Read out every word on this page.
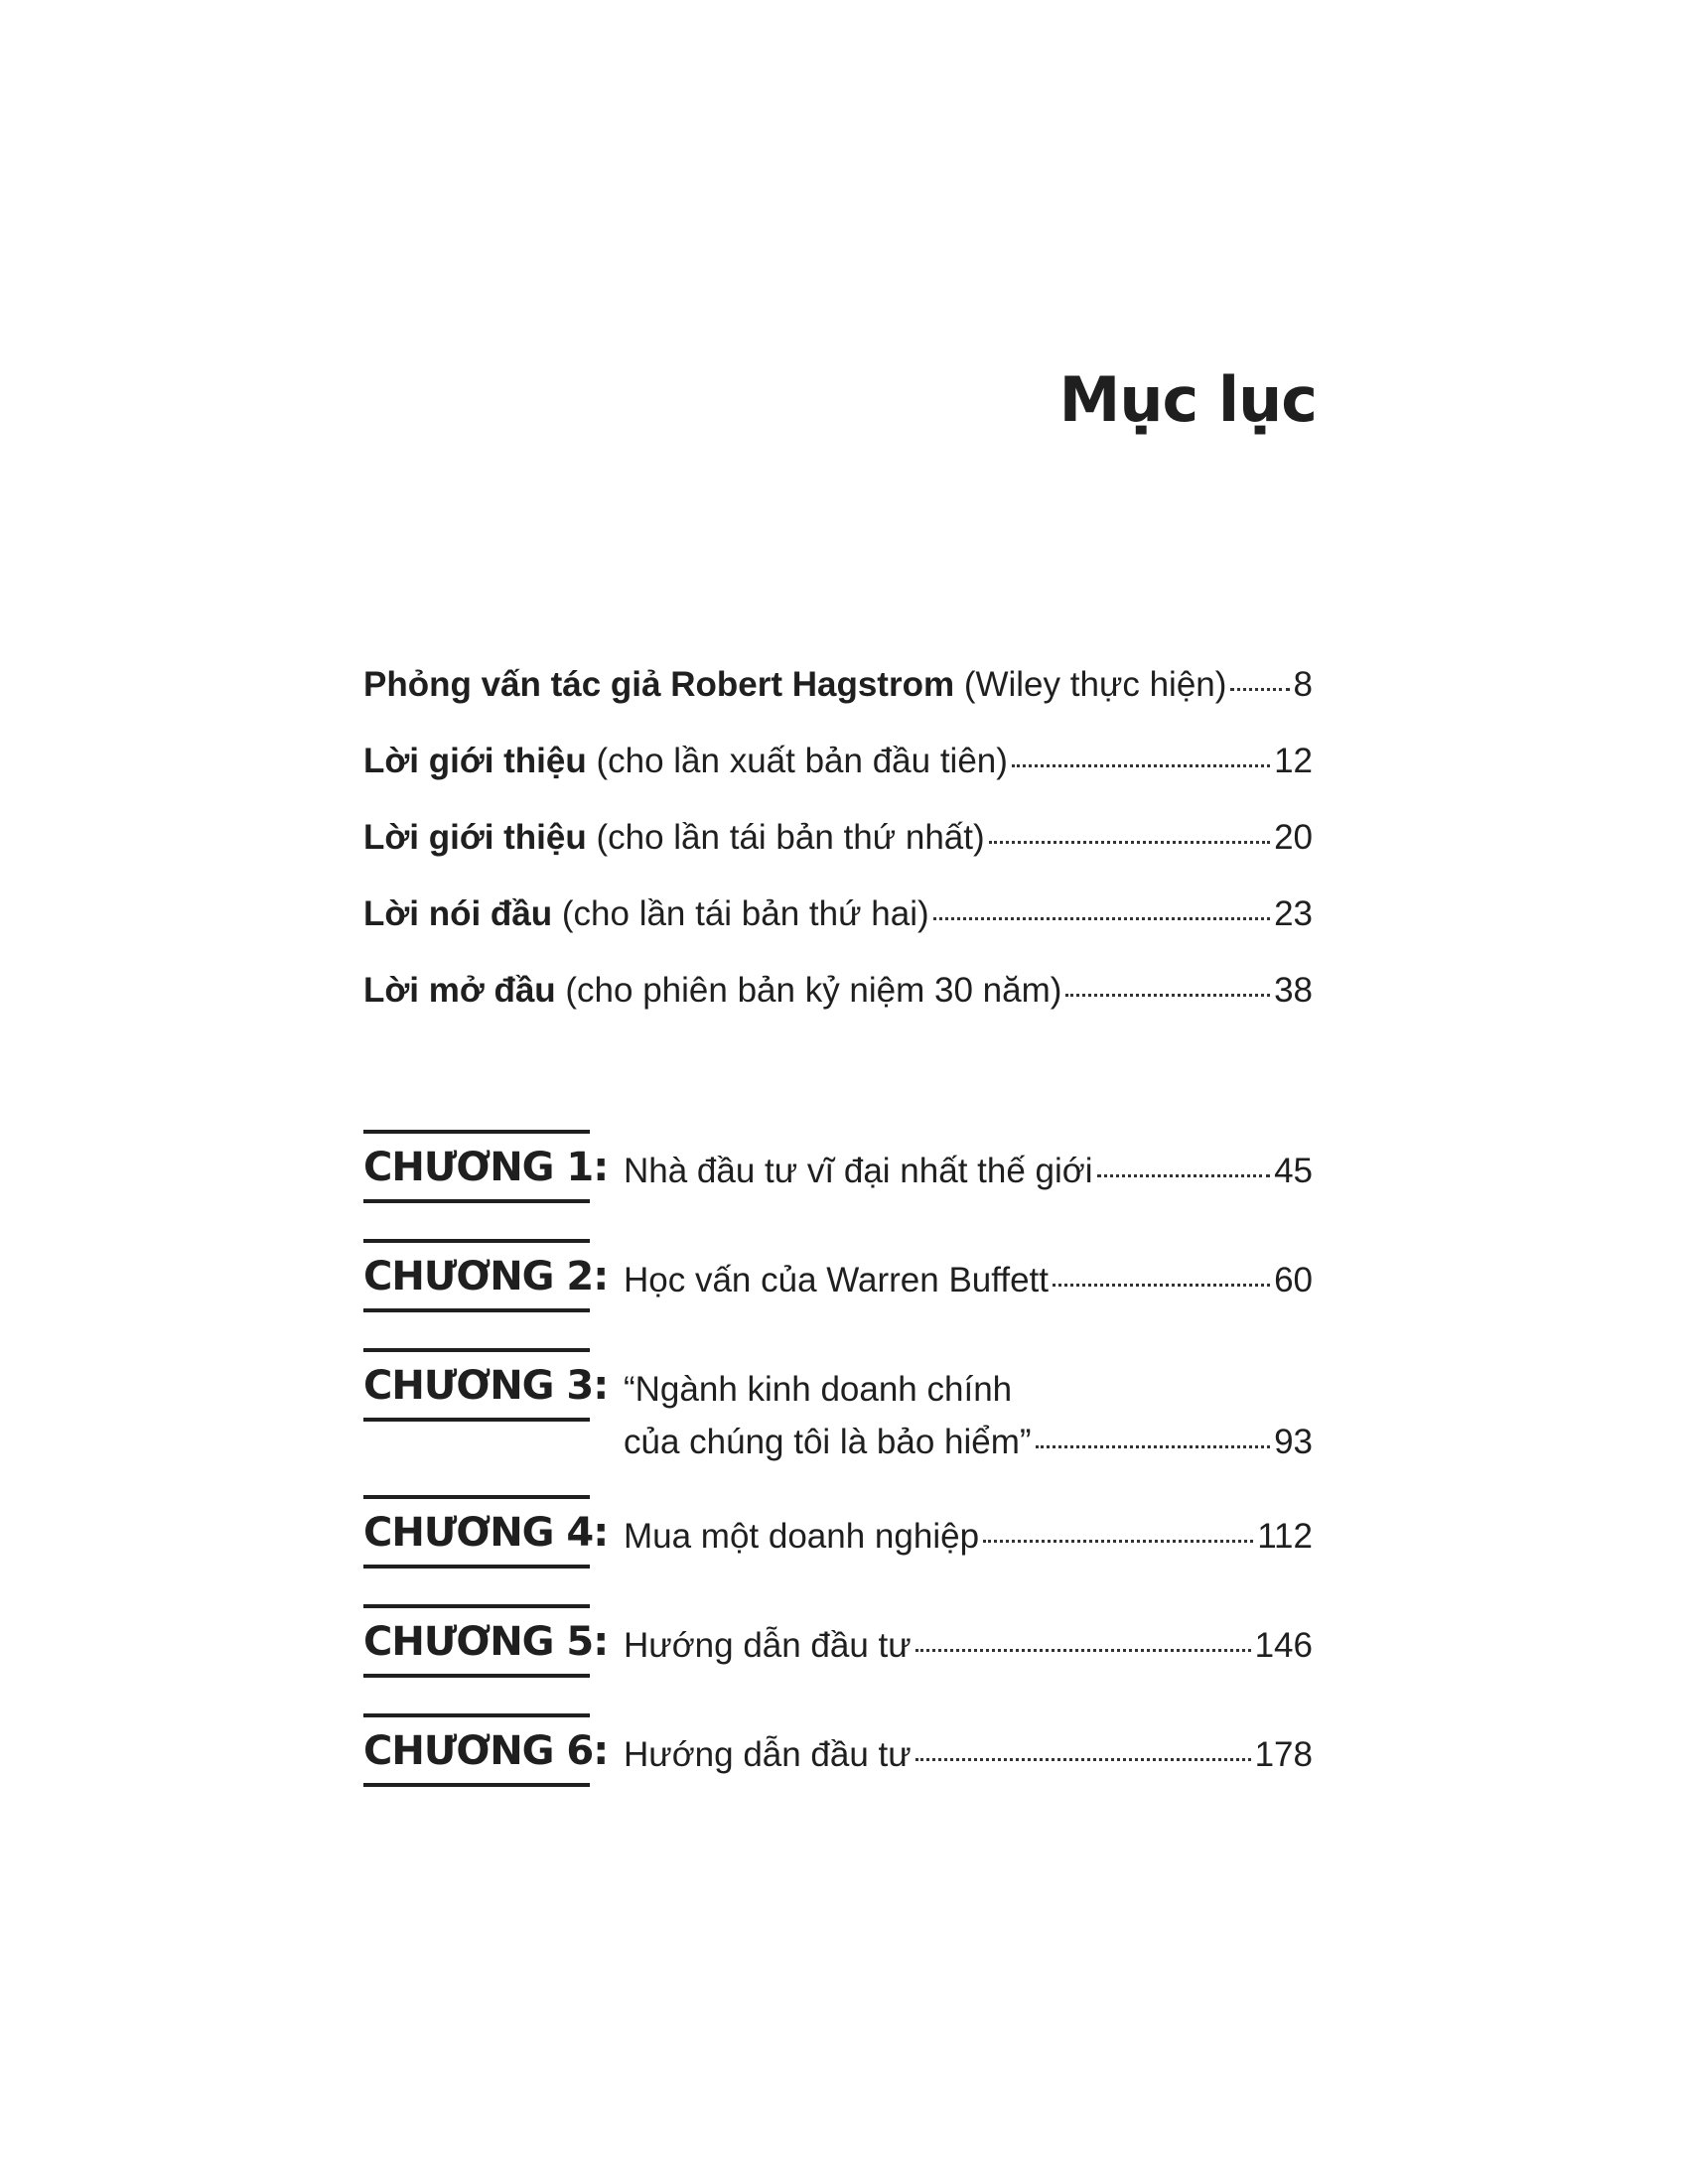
Mục lục
Phỏng vấn tác giả Robert Hagstrom (Wiley thực hiện) 8
Lời giới thiệu (cho lần xuất bản đầu tiên)	12
Lời giới thiệu (cho lần tái bản thứ nhất)	20
Lời nói đầu (cho lần tái bản thứ hai)	23
Lời mở đầu (cho phiên bản kỷ niệm 30 năm)	38
CHƯƠNG 1: Nhà đầu tư vĩ đại nhất thế giới	45
CHƯƠNG 2: Học vấn của Warren Buffett	60
CHƯƠNG 3: “Ngành kinh doanh chính
của chúng tôi là bảo hiểm”	93
CHƯƠNG 4: Mua một doanh nghiệp	112
CHƯƠNG 5: Hướng dẫn đầu tư	146
CHƯƠNG 6: Hướng dẫn đầu tư	178
